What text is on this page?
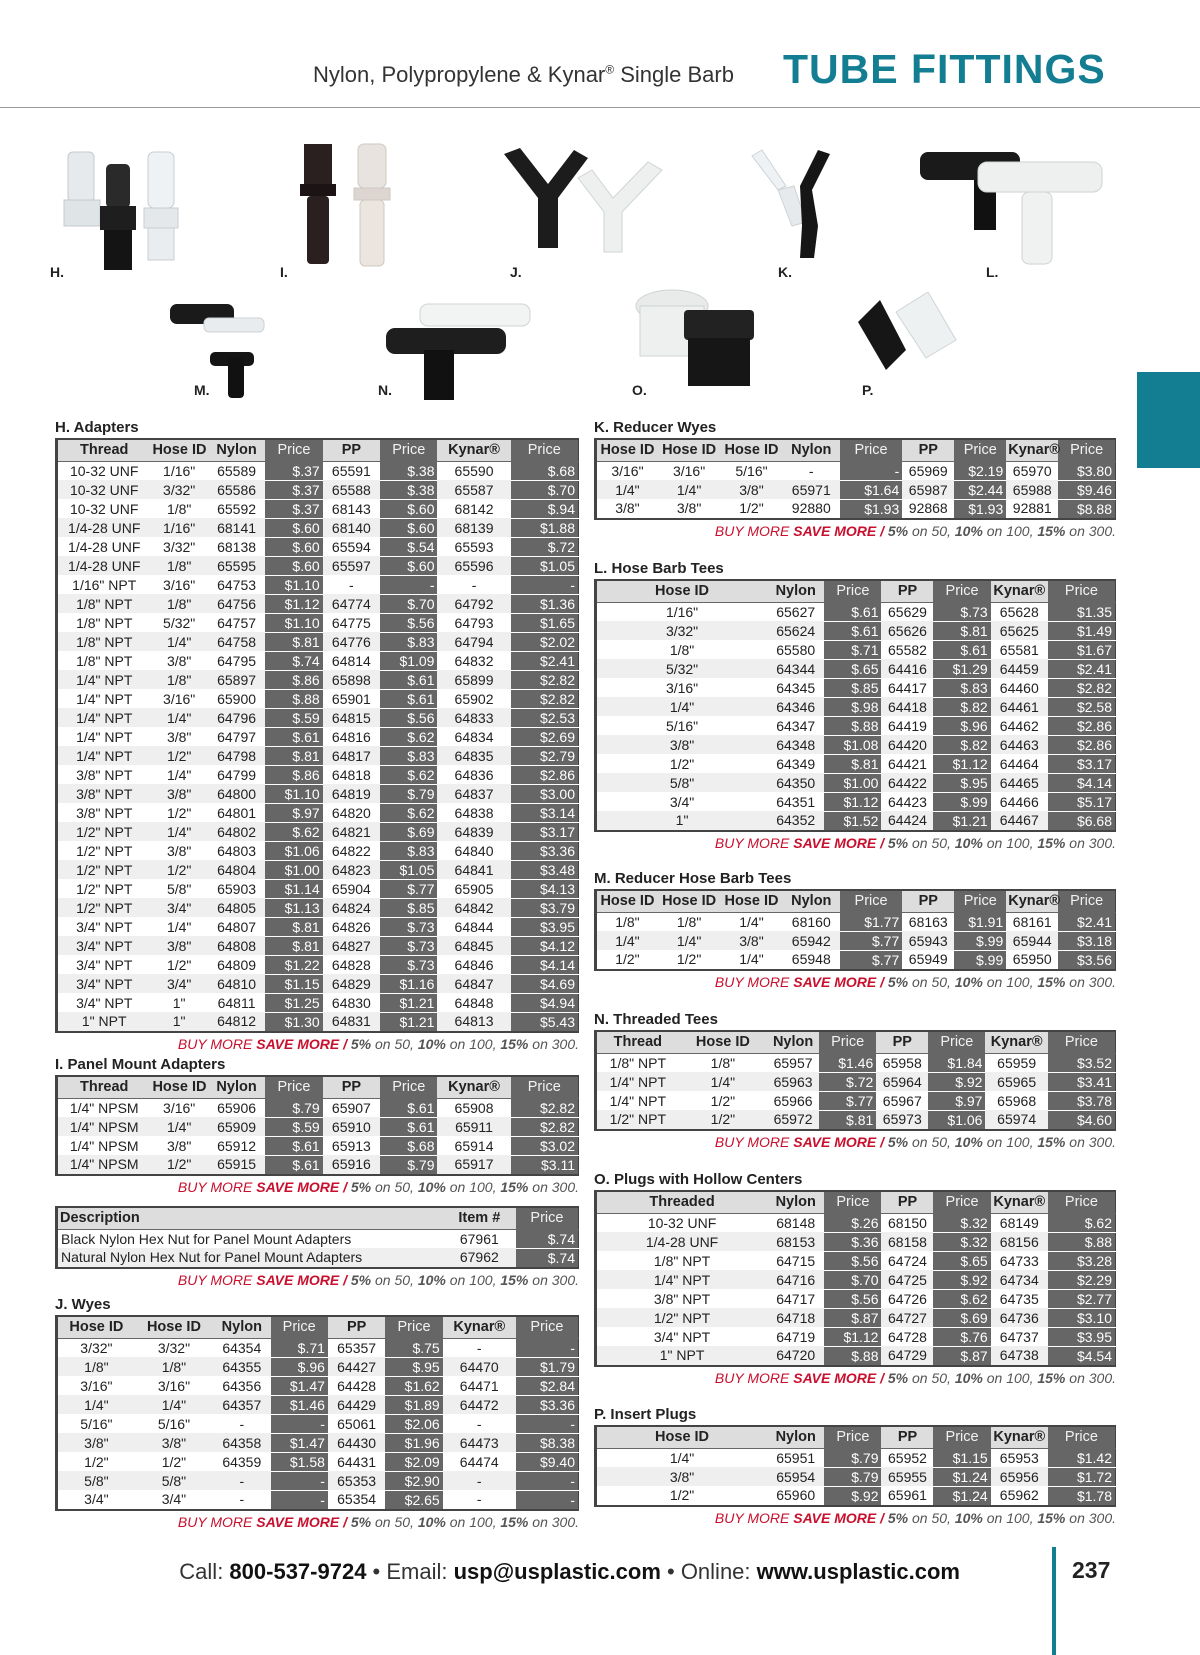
Nylon, Polypropylene & Kynar® Single Barb TUBE FITTINGS
H.	I.	J.	K.	L.
M.	N.	O.	P.
H. Adapters
Thread	Hose ID	Nylon	Price	PP	Price	Kynar®	Price
10-32 UNF	1/16"	65589	$.37	65591	$.38	65590	$.68
10-32 UNF	3/32"	65586	$.37	65588	$.38	65587	$.70
10-32 UNF	1/8"	65592	$.37	68143	$.60	68142	$.94
1/4-28 UNF	1/16"	68141	$.60	68140	$.60	68139	$1.88
1/4-28 UNF	3/32"	68138	$.60	65594	$.54	65593	$.72
1/4-28 UNF	1/8"	65595	$.60	65597	$.60	65596	$1.05
1/16" NPT	3/16"	64753	$1.10	-	-	-	-
1/8" NPT	1/8"	64756	$1.12	64774	$.70	64792	$1.36
1/8" NPT	5/32"	64757	$1.10	64775	$.56	64793	$1.65
1/8" NPT	1/4"	64758	$.81	64776	$.83	64794	$2.02
1/8" NPT	3/8"	64795	$.74	64814	$1.09	64832	$2.41
1/4" NPT	1/8"	65897	$.86	65898	$.61	65899	$2.82
1/4" NPT	3/16"	65900	$.88	65901	$.61	65902	$2.82
1/4" NPT	1/4"	64796	$.59	64815	$.56	64833	$2.53
1/4" NPT	3/8"	64797	$.61	64816	$.62	64834	$2.69
1/4" NPT	1/2"	64798	$.81	64817	$.83	64835	$2.79
3/8" NPT	1/4"	64799	$.86	64818	$.62	64836	$2.86
3/8" NPT	3/8"	64800	$1.10	64819	$.79	64837	$3.00
3/8" NPT	1/2"	64801	$.97	64820	$.62	64838	$3.14
1/2" NPT	1/4"	64802	$.62	64821	$.69	64839	$3.17
1/2" NPT	3/8"	64803	$1.06	64822	$.83	64840	$3.36
1/2" NPT	1/2"	64804	$1.00	64823	$1.05	64841	$3.48
1/2" NPT	5/8"	65903	$1.14	65904	$.77	65905	$4.13
1/2" NPT	3/4"	64805	$1.13	64824	$.85	64842	$3.79
3/4" NPT	1/4"	64807	$.81	64826	$.73	64844	$3.95
3/4" NPT	3/8"	64808	$.81	64827	$.73	64845	$4.12
3/4" NPT	1/2"	64809	$1.22	64828	$.73	64846	$4.14
3/4" NPT	3/4"	64810	$1.15	64829	$1.16	64847	$4.69
3/4" NPT	1"	64811	$1.25	64830	$1.21	64848	$4.94
1" NPT	1"	64812	$1.30	64831	$1.21	64813	$5.43
BUY MORE SAVE MORE / 5% on 50, 10% on 100, 15% on 300.
I. Panel Mount Adapters
Thread	Hose ID	Nylon	Price	PP	Price	Kynar®	Price
1/4" NPSM	3/16"	65906	$.79	65907	$.61	65908	$2.82
1/4" NPSM	1/4"	65909	$.59	65910	$.61	65911	$2.82
1/4" NPSM	3/8"	65912	$.61	65913	$.68	65914	$3.02
1/4" NPSM	1/2"	65915	$.61	65916	$.79	65917	$3.11
BUY MORE SAVE MORE / 5% on 50, 10% on 100, 15% on 300.
Description	Item #	Price
Black Nylon Hex Nut for Panel Mount Adapters	67961	$.74
Natural Nylon Hex Nut for Panel Mount Adapters	67962	$.74
BUY MORE SAVE MORE / 5% on 50, 10% on 100, 15% on 300.
J. Wyes
Hose ID	Hose ID	Nylon	Price	PP	Price	Kynar®	Price
3/32"	3/32"	64354	$.71	65357	$.75	-	-
1/8"	1/8"	64355	$.96	64427	$.95	64470	$1.79
3/16"	3/16"	64356	$1.47	64428	$1.62	64471	$2.84
1/4"	1/4"	64357	$1.46	64429	$1.89	64472	$3.36
5/16"	5/16"	-	-	65061	$2.06	-	-
3/8"	3/8"	64358	$1.47	64430	$1.96	64473	$8.38
1/2"	1/2"	64359	$1.58	64431	$2.09	64474	$9.40
5/8"	5/8"	-	-	65353	$2.90	-	-
3/4"	3/4"	-	-	65354	$2.65	-	-
BUY MORE SAVE MORE / 5% on 50, 10% on 100, 15% on 300.
K. Reducer Wyes
Hose ID	Hose ID	Hose ID	Nylon	Price	PP	Price	Kynar®	Price
3/16"	3/16"	5/16"	-	-	65969	$2.19	65970	$3.80
1/4"	1/4"	3/8"	65971	$1.64	65987	$2.44	65988	$9.46
3/8"	3/8"	1/2"	92880	$1.93	92868	$1.93	92881	$8.88
BUY MORE SAVE MORE / 5% on 50, 10% on 100, 15% on 300.
L. Hose Barb Tees
Hose ID	Nylon	Price	PP	Price	Kynar®	Price
1/16"	65627	$.61	65629	$.73	65628	$1.35
3/32"	65624	$.61	65626	$.81	65625	$1.49
1/8"	65580	$.71	65582	$.61	65581	$1.67
5/32"	64344	$.65	64416	$1.29	64459	$2.41
3/16"	64345	$.85	64417	$.83	64460	$2.82
1/4"	64346	$.98	64418	$.82	64461	$2.58
5/16"	64347	$.88	64419	$.96	64462	$2.86
3/8"	64348	$1.08	64420	$.82	64463	$2.86
1/2"	64349	$.81	64421	$1.12	64464	$3.17
5/8"	64350	$1.00	64422	$.95	64465	$4.14
3/4"	64351	$1.12	64423	$.99	64466	$5.17
1"	64352	$1.52	64424	$1.21	64467	$6.68
BUY MORE SAVE MORE / 5% on 50, 10% on 100, 15% on 300.
M. Reducer Hose Barb Tees
Hose ID	Hose ID	Hose ID	Nylon	Price	PP	Price	Kynar®	Price
1/8"	1/8"	1/4"	68160	$1.77	68163	$1.91	68161	$2.41
1/4"	1/4"	3/8"	65942	$.77	65943	$.99	65944	$3.18
1/2"	1/2"	1/4"	65948	$.77	65949	$.99	65950	$3.56
BUY MORE SAVE MORE / 5% on 50, 10% on 100, 15% on 300.
N. Threaded Tees
Thread	Hose ID	Nylon	Price	PP	Price	Kynar®	Price
1/8" NPT	1/8"	65957	$1.46	65958	$1.84	65959	$3.52
1/4" NPT	1/4"	65963	$.72	65964	$.92	65965	$3.41
1/4" NPT	1/2"	65966	$.77	65967	$.97	65968	$3.78
1/2" NPT	1/2"	65972	$.81	65973	$1.06	65974	$4.60
BUY MORE SAVE MORE / 5% on 50, 10% on 100, 15% on 300.
O. Plugs with Hollow Centers
Threaded	Nylon	Price	PP	Price	Kynar®	Price
10-32 UNF	68148	$.26	68150	$.32	68149	$.62
1/4-28 UNF	68153	$.36	68158	$.32	68156	$.88
1/8" NPT	64715	$.56	64724	$.65	64733	$3.28
1/4" NPT	64716	$.70	64725	$.92	64734	$2.29
3/8" NPT	64717	$.56	64726	$.62	64735	$2.77
1/2" NPT	64718	$.87	64727	$.69	64736	$3.10
3/4" NPT	64719	$1.12	64728	$.76	64737	$3.95
1" NPT	64720	$.88	64729	$.87	64738	$4.54
BUY MORE SAVE MORE / 5% on 50, 10% on 100, 15% on 300.
P. Insert Plugs
Hose ID	Nylon	Price	PP	Price	Kynar®	Price
1/4"	65951	$.79	65952	$1.15	65953	$1.42
3/8"	65954	$.79	65955	$1.24	65956	$1.72
1/2"	65960	$.92	65961	$1.24	65962	$1.78
BUY MORE SAVE MORE / 5% on 50, 10% on 100, 15% on 300.
Call: 800-537-9724 • Email: usp@usplastic.com • Online: www.usplastic.com	237
